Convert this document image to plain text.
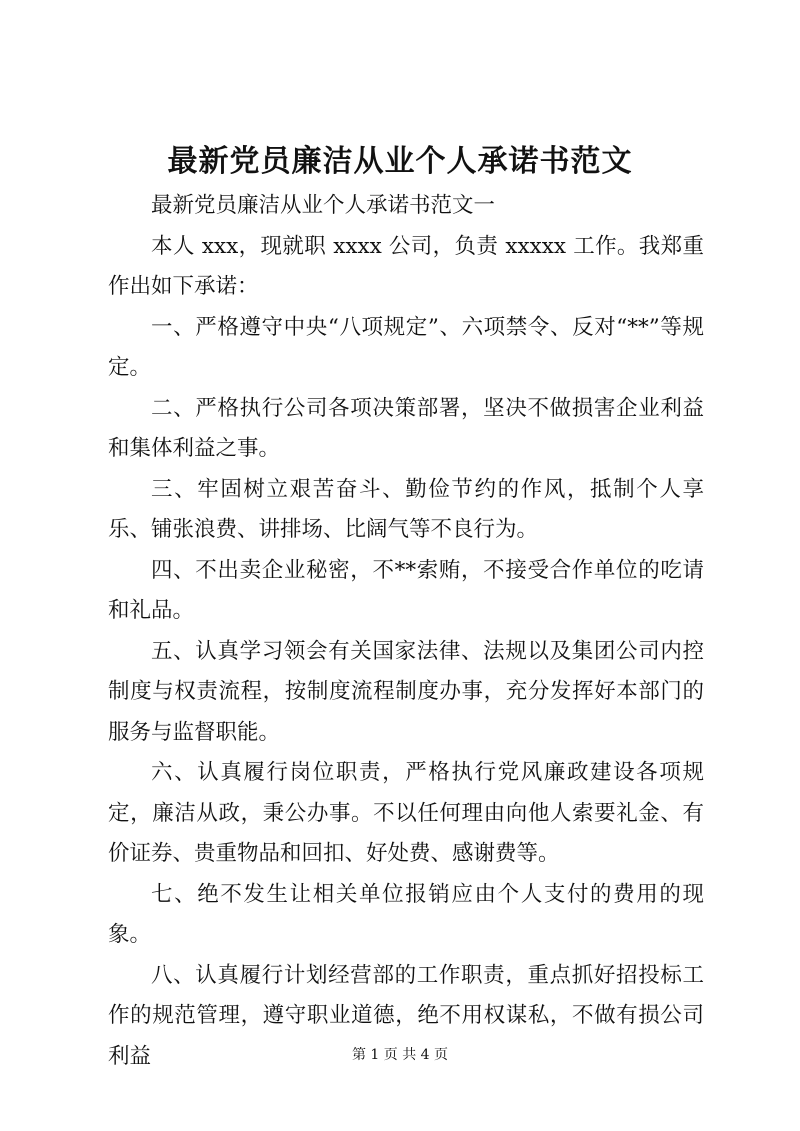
最新党员廉洁从业个人承诺书范文

最新党员廉洁从业个人承诺书范文一

本人 xxx，现就职 xxxx 公司，负责 xxxxx 工作。我郑重作出如下承诺：

一、严格遵守中央“八项规定”、六项禁令、反对“**”等规定。

二、严格执行公司各项决策部署，坚决不做损害企业利益和集体利益之事。

三、牢固树立艰苦奋斗、勤俭节约的作风，抵制个人享乐、铺张浪费、讲排场、比阔气等不良行为。

四、不出卖企业秘密，不**索贿，不接受合作单位的吃请和礼品。

五、认真学习领会有关国家法律、法规以及集团公司内控制度与权责流程，按制度流程制度办事，充分发挥好本部门的服务与监督职能。

六、认真履行岗位职责，严格执行党风廉政建设各项规定，廉洁从政，秉公办事。不以任何理由向他人索要礼金、有价证券、贵重物品和回扣、好处费、感谢费等。

七、绝不发生让相关单位报销应由个人支付的费用的现象。

八、认真履行计划经营部的工作职责，重点抓好招投标工作的规范管理，遵守职业道德，绝不用权谋私，不做有损公司利益	第 1 页 共 4 页
